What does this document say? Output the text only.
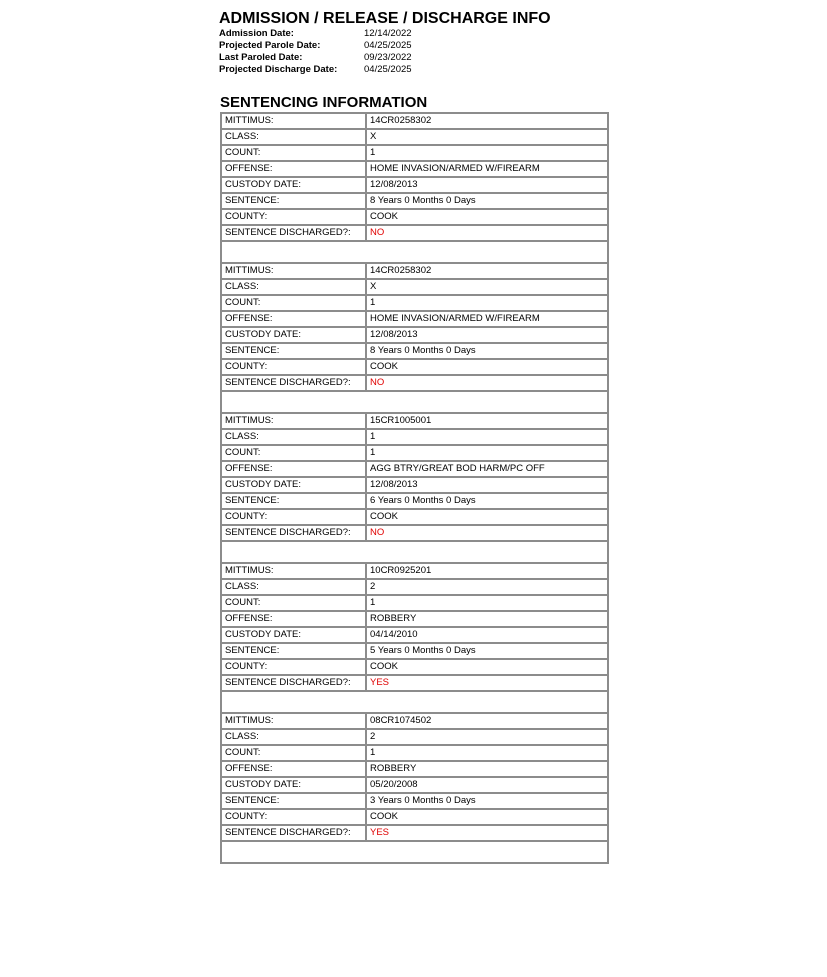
ADMISSION / RELEASE / DISCHARGE INFO
Admission Date:	12/14/2022
Projected Parole Date:	04/25/2025
Last Paroled Date:	09/23/2022
Projected Discharge Date:	04/25/2025
SENTENCING INFORMATION
MITTIMUS:	14CR0258302
CLASS:	X
COUNT:	1
OFFENSE:	HOME INVASION/ARMED W/FIREARM
CUSTODY DATE:	12/08/2013
SENTENCE:	8 Years 0 Months 0 Days
COUNTY:	COOK
SENTENCE DISCHARGED?:	NO

MITTIMUS:	14CR0258302
CLASS:	X
COUNT:	1
OFFENSE:	HOME INVASION/ARMED W/FIREARM
CUSTODY DATE:	12/08/2013
SENTENCE:	8 Years 0 Months 0 Days
COUNTY:	COOK
SENTENCE DISCHARGED?:	NO

MITTIMUS:	15CR1005001
CLASS:	1
COUNT:	1
OFFENSE:	AGG BTRY/GREAT BOD HARM/PC OFF
CUSTODY DATE:	12/08/2013
SENTENCE:	6 Years 0 Months 0 Days
COUNTY:	COOK
SENTENCE DISCHARGED?:	NO

MITTIMUS:	10CR0925201
CLASS:	2
COUNT:	1
OFFENSE:	ROBBERY
CUSTODY DATE:	04/14/2010
SENTENCE:	5 Years 0 Months 0 Days
COUNTY:	COOK
SENTENCE DISCHARGED?:	YES

MITTIMUS:	08CR1074502
CLASS:	2
COUNT:	1
OFFENSE:	ROBBERY
CUSTODY DATE:	05/20/2008
SENTENCE:	3 Years 0 Months 0 Days
COUNTY:	COOK
SENTENCE DISCHARGED?:	YES
